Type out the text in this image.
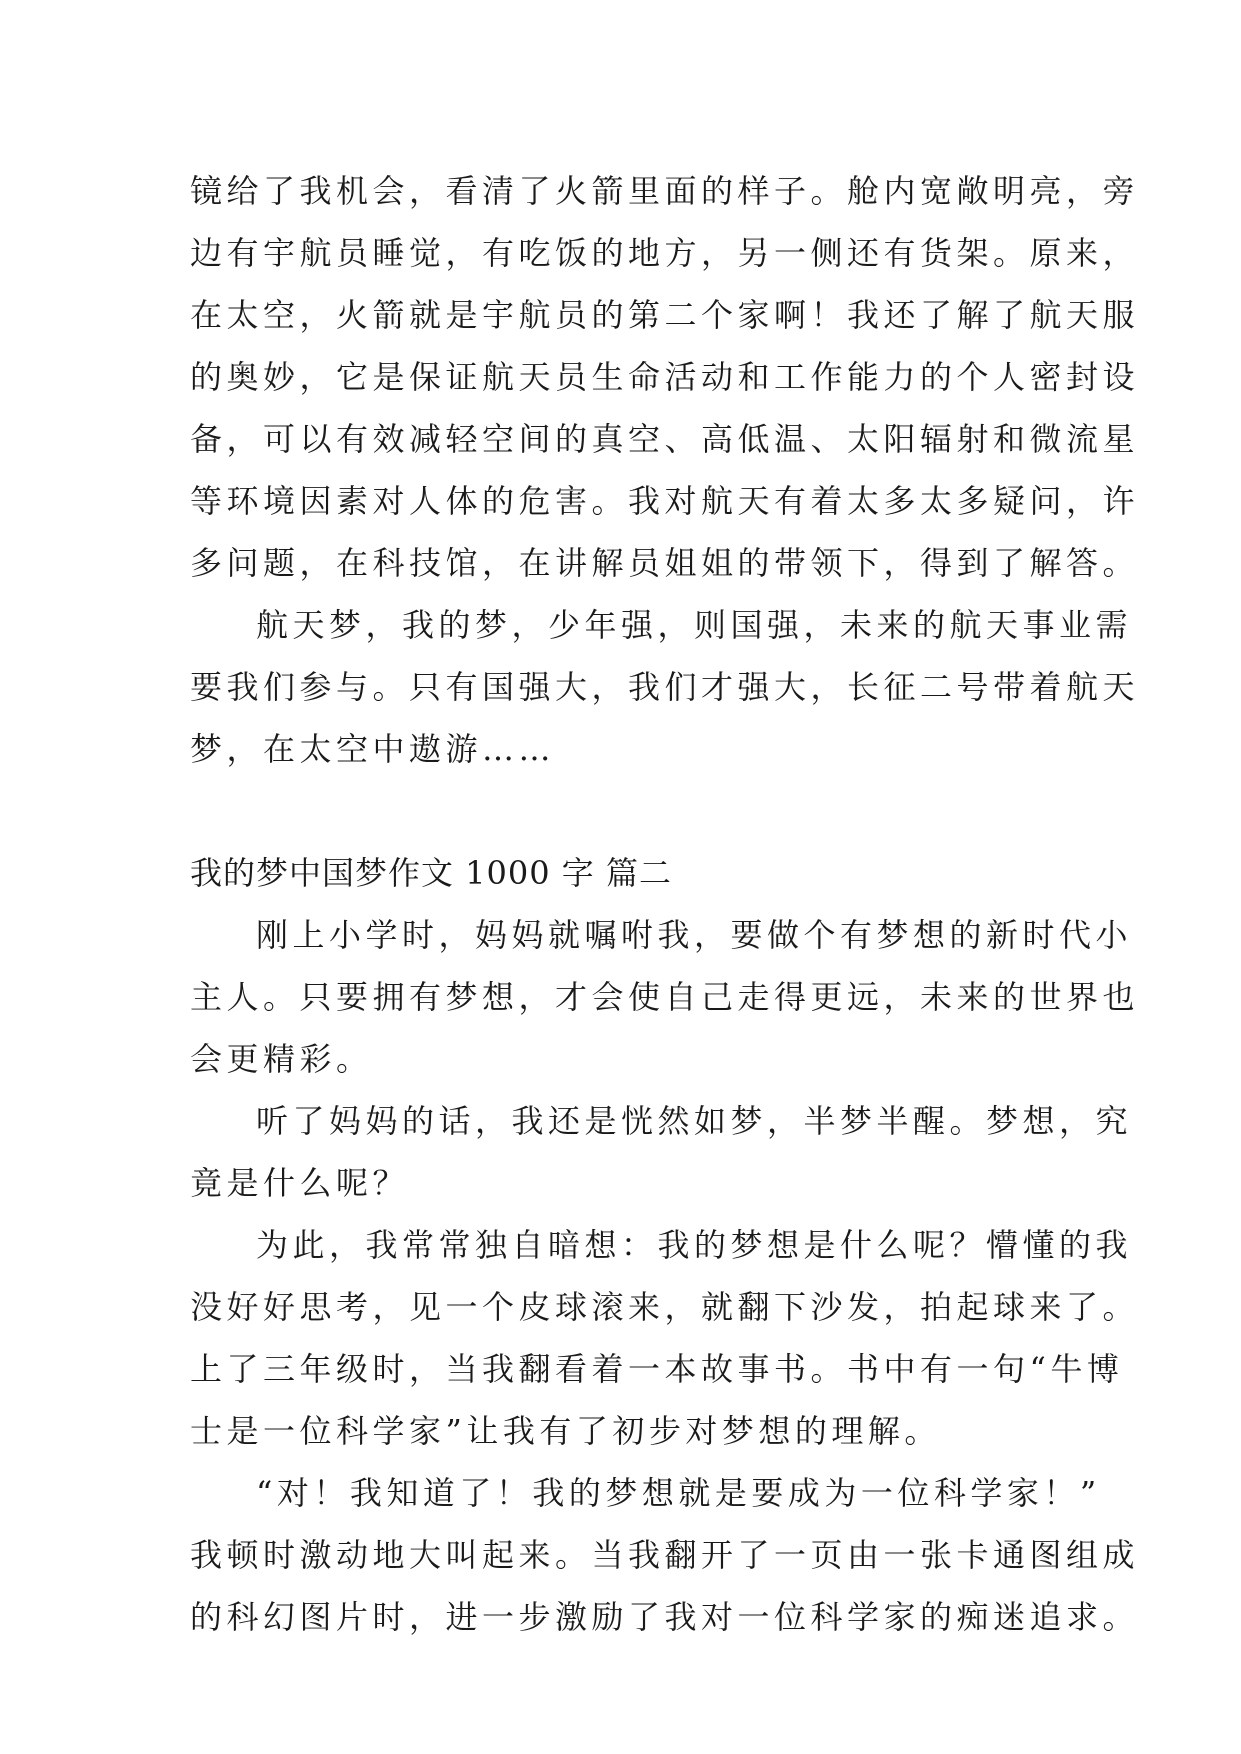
镜给了我机会，看清了火箭里面的样子。舱内宽敞明亮，旁
边有宇航员睡觉，有吃饭的地方，另一侧还有货架。原来，
在太空，火箭就是宇航员的第二个家啊！我还了解了航天服
的奥妙，它是保证航天员生命活动和工作能力的个人密封设
备，可以有效减轻空间的真空、高低温、太阳辐射和微流星
等环境因素对人体的危害。我对航天有着太多太多疑问，许
多问题，在科技馆，在讲解员姐姐的带领下，得到了解答。
航天梦，我的梦，少年强，则国强，未来的航天事业需
要我们参与。只有国强大，我们才强大，长征二号带着航天
梦，在太空中遨游……
我的梦中国梦作文 1000 字 篇二
刚上小学时，妈妈就嘱咐我，要做个有梦想的新时代小
主人。只要拥有梦想，才会使自己走得更远，未来的世界也
会更精彩。
听了妈妈的话，我还是恍然如梦，半梦半醒。梦想，究
竟是什么呢？
为此，我常常独自暗想：我的梦想是什么呢？懵懂的我
没好好思考，见一个皮球滚来，就翻下沙发，拍起球来了。
上了三年级时，当我翻看着一本故事书。书中有一句“牛博
士是一位科学家”让我有了初步对梦想的理解。
“对！我知道了！我的梦想就是要成为一位科学家！”
我顿时激动地大叫起来。当我翻开了一页由一张卡通图组成
的科幻图片时，进一步激励了我对一位科学家的痴迷追求。
